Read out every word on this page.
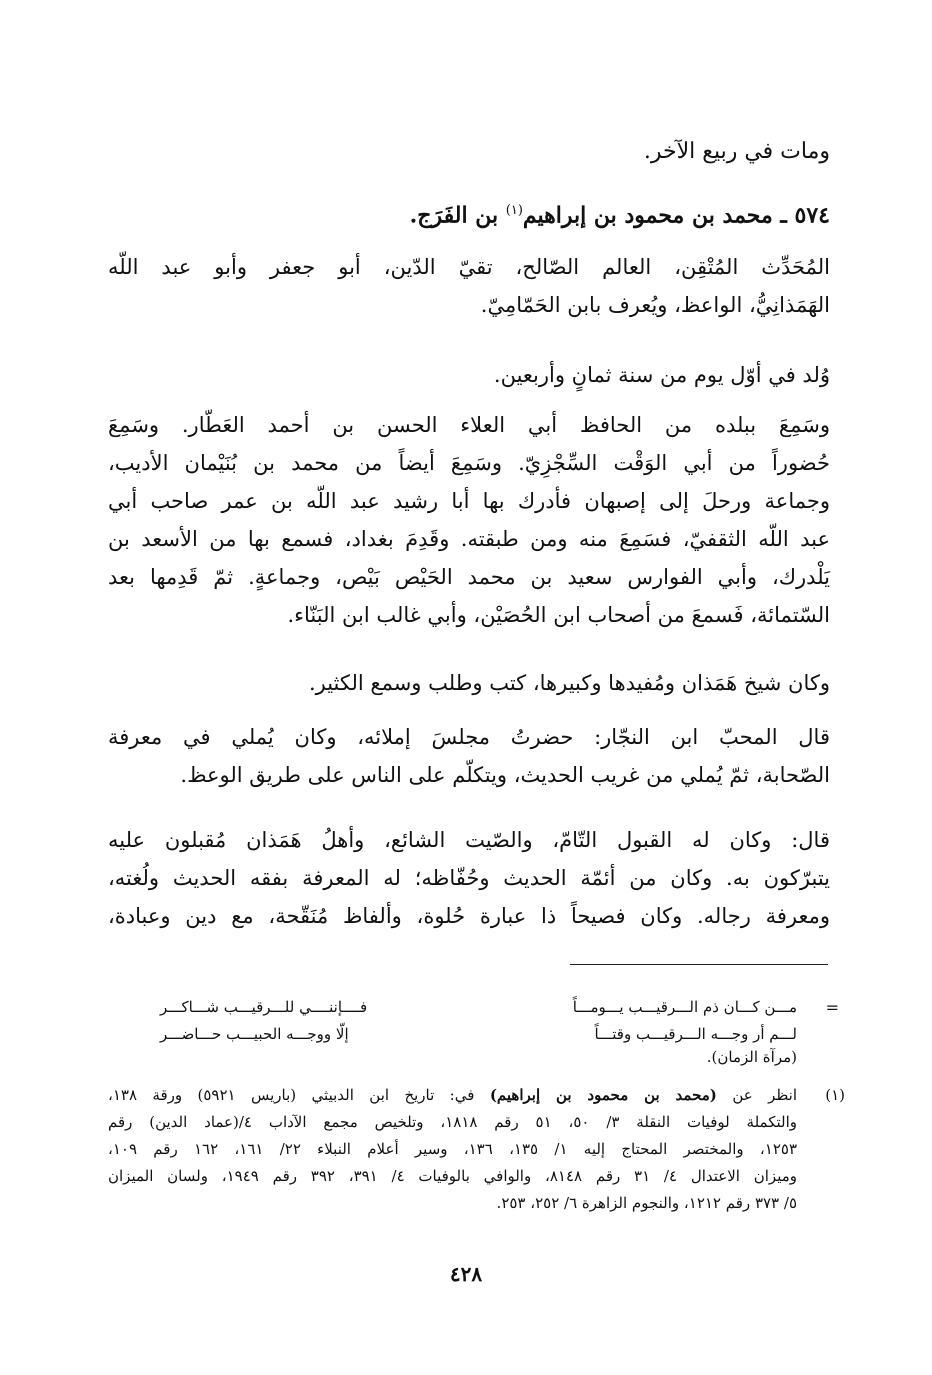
ومات في ربيع الآخر.

٥٧٤ ـ محمد بن محمود بن إبراهيم$^{(١)}$ بن الفَرَج.

المُحَدِّث المُتْقِن، العالم الصّالح، تقيّ الدّين، أبو جعفر وأبو عبد اللّه

الهَمَذانِيُّ، الواعظ، ويُعرف بابن الحَمّامِيّ.

وُلد في أوّل يوم من سنة ثمانٍ وأربعين.

وسَمِعَ ببلده من الحافظ أبي العلاء الحسن بن أحمد العَطّار. وسَمِعَ

حُضوراً من أبي الوَقْت السِّجْزِيّ. وسَمِعَ أيضاً من محمد بن بُنَيْمان الأديب،

وجماعة ورحلَ إلى إصبهان فأدرك بها أبا رشيد عبد اللّه بن عمر صاحب أبي

عبد اللّه الثقفيّ، فسَمِعَ منه ومن طبقته. وقَدِمَ بغداد، فسمع بها من الأسعد بن

يَلْدرك، وأبي الفوارس سعيد بن محمد الحَيْص بَيْص، وجماعةٍ. ثمّ قَدِمها بعد

السّتمائة، فَسمعَ من أصحاب ابن الحُصَيْن، وأبي غالب ابن البَنّاء.

وكان شيخ هَمَذان ومُفيدها وكبيرها، كتب وطلب وسمع الكثير.

قال المحبّ ابن النجّار: حضرتُ مجلسَ إملائه، وكان يُملي في معرفة

الصّحابة، ثمّ يُملي من غريب الحديث، ويتكلّم على الناس على طريق الوعظ.

قال: وكان له القبول التّامّ، والصّيت الشائع، وأهلُ هَمَذان مُقبلون عليه

يتبرّكون به. وكان من أئمّة الحديث وحُفّاظه؛ له المعرفة بفقه الحديث ولُغته،

ومعرفة رجاله. وكان فصيحاً ذا عبارة حُلوة، وألفاظ مُنَقّحة، مع دين وعبادة،

=
مـــن كـــان ذم الـــرقيـــب يـــومـــاً
فــــإننــــي للـــرقيـــب شـــاكـــر
لـــم أر وجـــه الـــرقيـــب وقتـــاً
إلّا ووجـــه الحبيـــب حـــاضـــر
(مرآة الزمان).
(١)
انظر عن (محمد بن محمود بن إبراهيم) في: تاريخ ابن الدبيثي (باريس ٥٩٢١) ورقة ١٣٨،
والتكملة لوفيات النقلة ٣/ ٥٠، ٥١ رقم ١٨١٨، وتلخيص مجمع الآداب ٤/(عماد الدين) رقم
١٢٥٣، والمختصر المحتاج إليه ١/ ١٣٥، ١٣٦، وسير أعلام النبلاء ٢٢/ ١٦١، ١٦٢ رقم ١٠٩،
وميزان الاعتدال ٤/ ٣١ رقم ٨١٤٨، والوافي بالوفيات ٤/ ٣٩١، ٣٩٢ رقم ١٩٤٩، ولسان الميزان
٥/ ٣٧٣ رقم ١٢١٢، والنجوم الزاهرة ٦/ ٢٥٢، ٢٥٣.
٤٢٨
